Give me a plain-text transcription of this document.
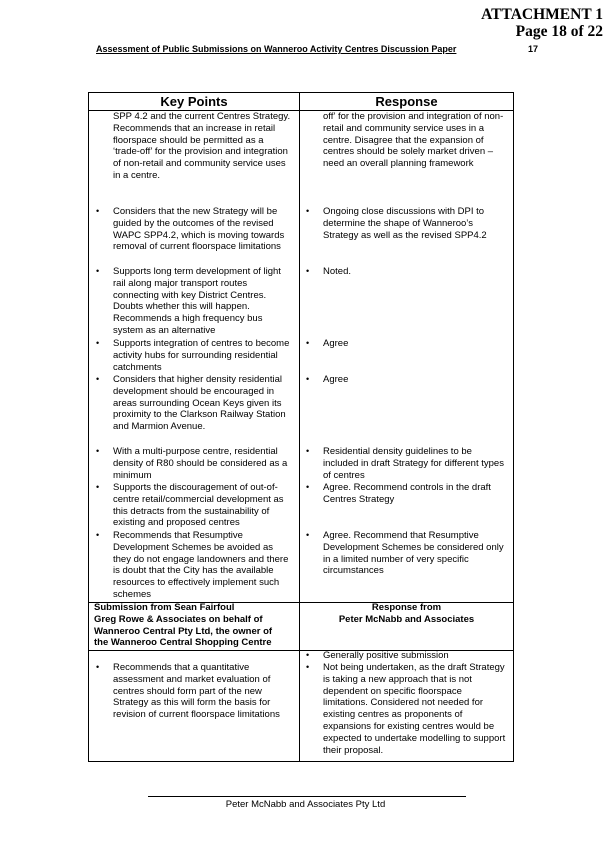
ATTACHMENT 1
Page 18 of 22
Assessment of Public Submissions on Wanneroo Activity Centres Discussion Paper	17
Key Points	Response
SPP 4.2 and the current Centres Strategy. Recommends that an increase in retail floorspace should be permitted as a ‘trade-off’ for the provision and integration of non-retail and community service uses in a centre.
off’ for the provision and integration of non-retail and community service uses in a centre. Disagree that the expansion of centres should be solely market driven – need an overall planning framework
• Considers that the new Strategy will be guided by the outcomes of the revised WAPC SPP4.2, which is moving towards removal of current floorspace limitations
• Ongoing close discussions with DPI to determine the shape of Wanneroo’s Strategy as well as the revised SPP4.2
• Supports long term development of light rail along major transport routes connecting with key District Centres. Doubts whether this will happen. Recommends a high frequency bus system as an alternative
• Noted.
• Supports integration of centres to become activity hubs for surrounding residential catchments
• Agree
• Considers that higher density residential development should be encouraged in areas surrounding Ocean Keys given its proximity to the Clarkson Railway Station and Marmion Avenue.
• Agree
• With a multi-purpose centre, residential density of R80 should be considered as a minimum
• Residential density guidelines to be included in draft Strategy for different types of centres
• Supports the discouragement of out-of-centre retail/commercial development as this detracts from the sustainability of existing and proposed centres
• Agree. Recommend controls in the draft Centres Strategy
• Recommends that Resumptive Development Schemes be avoided as they do not engage landowners and there is doubt that the City has the available resources to effectively implement such schemes
• Agree. Recommend that Resumptive Development Schemes be considered only in a limited number of very specific circumstances
Submission from Sean Fairfoul
Greg Rowe & Associates on behalf of
Wanneroo Central Pty Ltd, the owner of
the Wanneroo Central Shopping Centre
Response from
Peter McNabb and Associates
• Generally positive submission
• Recommends that a quantitative assessment and market evaluation of centres should form part of the new Strategy as this will form the basis for revision of current floorspace limitations
• Not being undertaken, as the draft Strategy is taking a new approach that is not dependent on specific floorspace limitations. Considered not needed for existing centres as proponents of expansions for existing centres would be expected to undertake modelling to support their proposal.
Peter McNabb and Associates Pty Ltd
